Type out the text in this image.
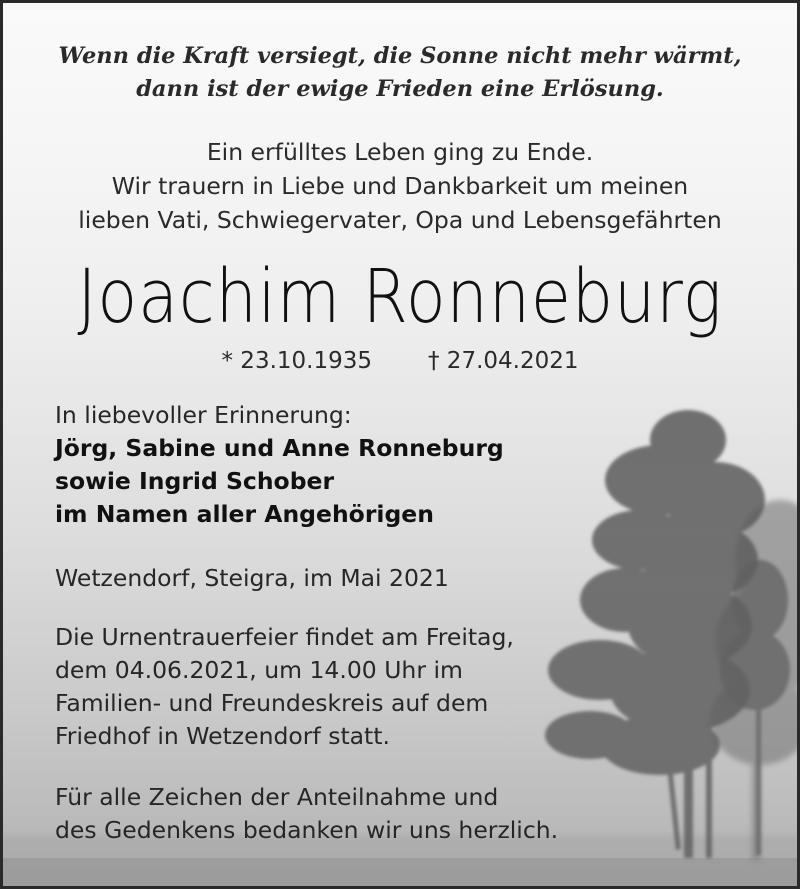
Wenn die Kraft versiegt, die Sonne nicht mehr wärmt,
dann ist der ewige Frieden eine Erlösung.
Ein erfülltes Leben ging zu Ende.
Wir trauern in Liebe und Dankbarkeit um meinen
lieben Vati, Schwiegervater, Opa und Lebensgefährten
Joachim Ronneburg
* 23.10.1935 † 27.04.2021
In liebevoller Erinnerung:
Jörg, Sabine und Anne Ronneburg
sowie Ingrid Schober
im Namen aller Angehörigen
Wetzendorf, Steigra, im Mai 2021
Die Urnentrauerfeier findet am Freitag,
dem 04.06.2021, um 14.00 Uhr im
Familien- und Freundeskreis auf dem
Friedhof in Wetzendorf statt.
Für alle Zeichen der Anteilnahme und
des Gedenkens bedanken wir uns herzlich.
